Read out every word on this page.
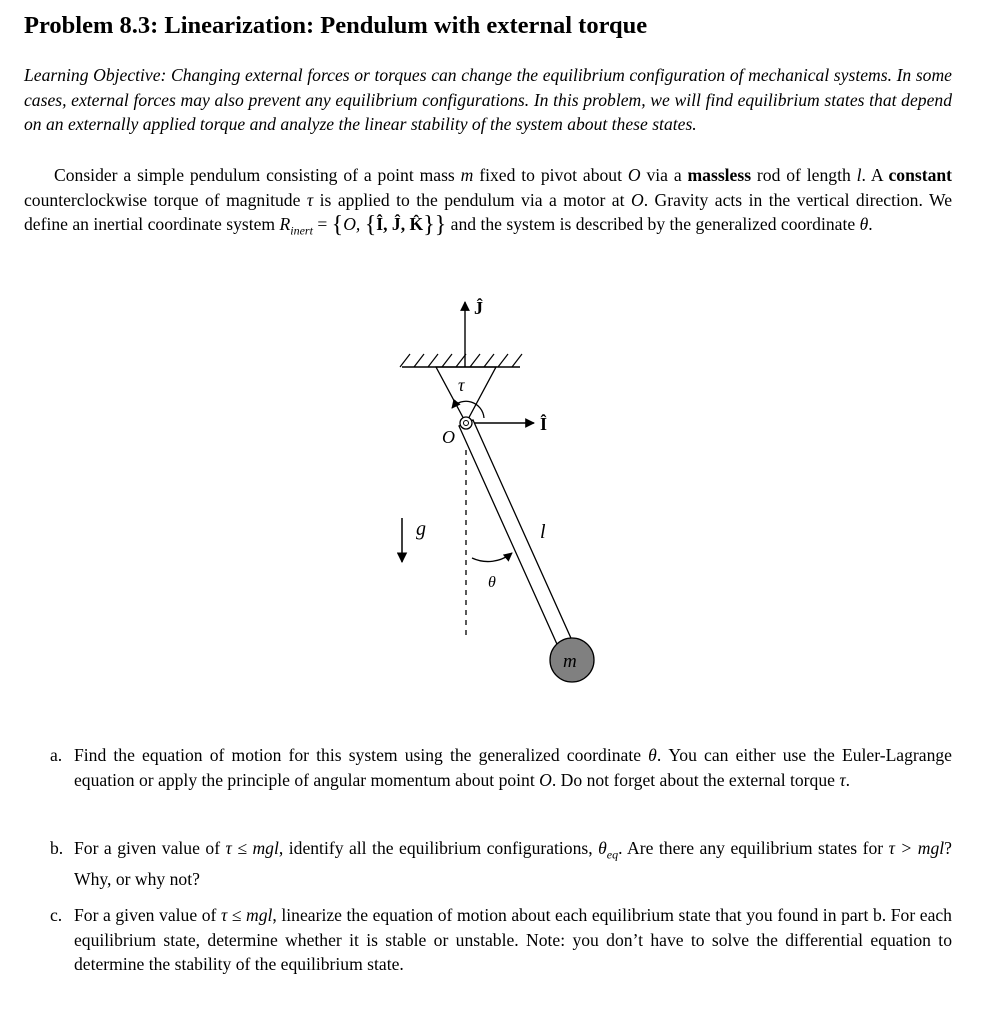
Problem 8.3: Linearization: Pendulum with external torque

Learning Objective: Changing external forces or torques can change the equilibrium configuration of mechanical systems. In some cases, external forces may also prevent any equilibrium configurations. In this problem, we will find equilibrium states that depend on an externally applied torque and analyze the linear stability of the system about these states.

Consider a simple pendulum consisting of a point mass m fixed to pivot about O via a massless rod of length l. A constant counterclockwise torque of magnitude τ is applied to the pendulum via a motor at O. Gravity acts in the vertical direction. We define an inertial coordinate system $R_{inert} = \{O$, {Î, Ĵ, K̂}} and the system is described by the generalized coordinate θ.

Ĵ
τ
Î
O
θ
l
g
m

a. Find the equation of motion for this system using the generalized coordinate θ. You can either use the Euler-Lagrange equation or apply the principle of angular momentum about point O. Do not forget about the external torque τ.

b. For a given value of τ ≤ mgl, identify all the equilibrium configurations, $\theta_{eq}$. Are there any equilibrium states for τ > mgl? Why, or why not?

c. For a given value of τ ≤ mgl, linearize the equation of motion about each equilibrium state that you found in part b. For each equilibrium state, determine whether it is stable or unstable. Note: you don’t have to solve the differential equation to determine the stability of the equilibrium state.
